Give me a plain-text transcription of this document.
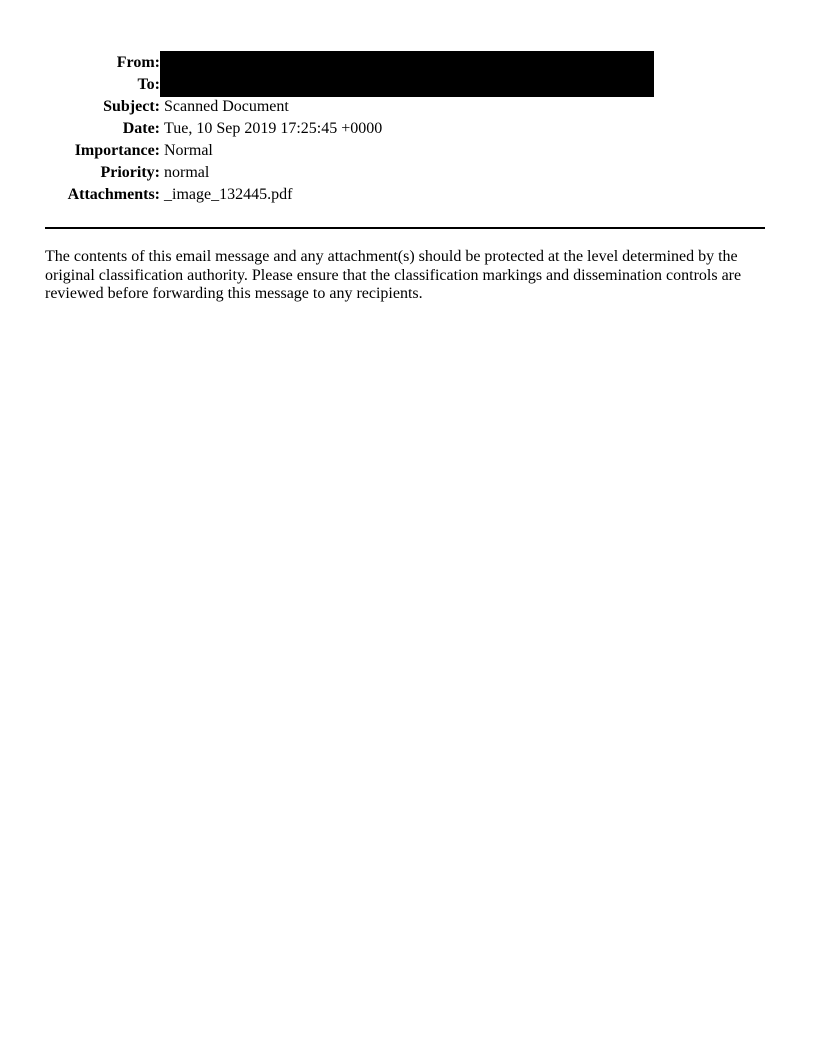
From:
To:
Subject: Scanned Document
Date: Tue, 10 Sep 2019 17:25:45 +0000
Importance: Normal
Priority: normal
Attachments: _image_132445.pdf
The contents of this email message and any attachment(s) should be protected at the level determined by the original classification authority. Please ensure that the classification markings and dissemination controls are reviewed before forwarding this message to any recipients.
